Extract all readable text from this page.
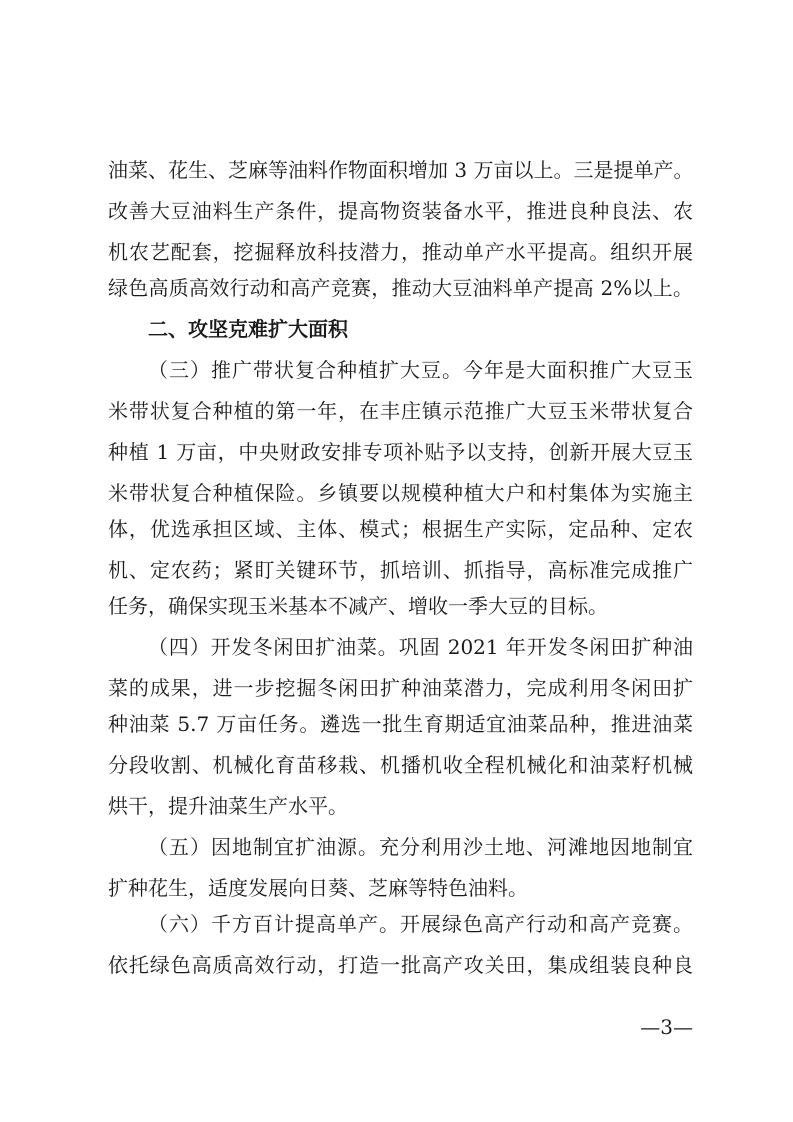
油菜、花生、芝麻等油料作物面积增加 3 万亩以上。三是提单产。
改善大豆油料生产条件，提高物资装备水平，推进良种良法、农
机农艺配套，挖掘释放科技潜力，推动单产水平提高。组织开展
绿色高质高效行动和高产竞赛，推动大豆油料单产提高 2%以上。
二、攻坚克难扩大面积
（三）推广带状复合种植扩大豆。今年是大面积推广大豆玉
米带状复合种植的第一年，在丰庄镇示范推广大豆玉米带状复合
种植 1 万亩，中央财政安排专项补贴予以支持，创新开展大豆玉
米带状复合种植保险。乡镇要以规模种植大户和村集体为实施主
体，优选承担区域、主体、模式；根据生产实际，定品种、定农
机、定农药；紧盯关键环节，抓培训、抓指导，高标准完成推广
任务，确保实现玉米基本不减产、增收一季大豆的目标。
（四）开发冬闲田扩油菜。巩固 2021 年开发冬闲田扩种油
菜的成果，进一步挖掘冬闲田扩种油菜潜力，完成利用冬闲田扩
种油菜 5.7 万亩任务。遴选一批生育期适宜油菜品种，推进油菜
分段收割、机械化育苗移栽、机播机收全程机械化和油菜籽机械
烘干，提升油菜生产水平。
（五）因地制宜扩油源。充分利用沙土地、河滩地因地制宜
扩种花生，适度发展向日葵、芝麻等特色油料。
（六）千方百计提高单产。开展绿色高产行动和高产竞赛。
依托绿色高质高效行动，打造一批高产攻关田，集成组装良种良
—3—
